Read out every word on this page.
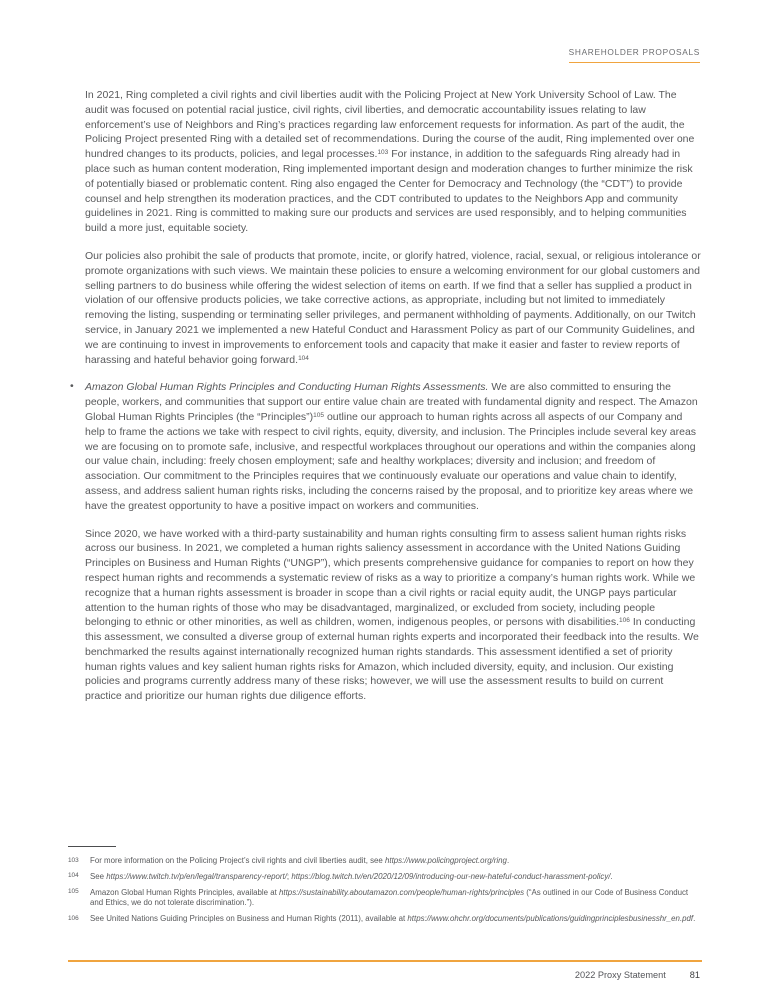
SHAREHOLDER PROPOSALS
In 2021, Ring completed a civil rights and civil liberties audit with the Policing Project at New York University School of Law. The audit was focused on potential racial justice, civil rights, civil liberties, and democratic accountability issues relating to law enforcement’s use of Neighbors and Ring’s practices regarding law enforcement requests for information. As part of the audit, the Policing Project presented Ring with a detailed set of recommendations. During the course of the audit, Ring implemented over one hundred changes to its products, policies, and legal processes.$^{103}$ For instance, in addition to the safeguards Ring already had in place such as human content moderation, Ring implemented important design and moderation changes to further minimize the risk of potentially biased or problematic content. Ring also engaged the Center for Democracy and Technology (the “CDT”) to provide counsel and help strengthen its moderation practices, and the CDT contributed to updates to the Neighbors App and community guidelines in 2021. Ring is committed to making sure our products and services are used responsibly, and to helping communities build a more just, equitable society.
Our policies also prohibit the sale of products that promote, incite, or glorify hatred, violence, racial, sexual, or religious intolerance or promote organizations with such views. We maintain these policies to ensure a welcoming environment for our global customers and selling partners to do business while offering the widest selection of items on earth. If we find that a seller has supplied a product in violation of our offensive products policies, we take corrective actions, as appropriate, including but not limited to immediately removing the listing, suspending or terminating seller privileges, and permanent withholding of payments. Additionally, on our Twitch service, in January 2021 we implemented a new Hateful Conduct and Harassment Policy as part of our Community Guidelines, and we are continuing to invest in improvements to enforcement tools and capacity that make it easier and faster to review reports of harassing and hateful behavior going forward.$^{104}$
• Amazon Global Human Rights Principles and Conducting Human Rights Assessments. We are also committed to ensuring the people, workers, and communities that support our entire value chain are treated with fundamental dignity and respect. The Amazon Global Human Rights Principles (the “Principles”)$^{105}$ outline our approach to human rights across all aspects of our Company and help to frame the actions we take with respect to civil rights, equity, diversity, and inclusion. The Principles include several key areas we are focusing on to promote safe, inclusive, and respectful workplaces throughout our operations and within the companies along our value chain, including: freely chosen employment; safe and healthy workplaces; diversity and inclusion; and freedom of association. Our commitment to the Principles requires that we continuously evaluate our operations and value chain to identify, assess, and address salient human rights risks, including the concerns raised by the proposal, and to prioritize key areas where we have the greatest opportunity to have a positive impact on workers and communities.
Since 2020, we have worked with a third-party sustainability and human rights consulting firm to assess salient human rights risks across our business. In 2021, we completed a human rights saliency assessment in accordance with the United Nations Guiding Principles on Business and Human Rights (“UNGP”), which presents comprehensive guidance for companies to report on how they respect human rights and recommends a systematic review of risks as a way to prioritize a company’s human rights work. While we recognize that a human rights assessment is broader in scope than a civil rights or racial equity audit, the UNGP pays particular attention to the human rights of those who may be disadvantaged, marginalized, or excluded from society, including people belonging to ethnic or other minorities, as well as children, women, indigenous peoples, or persons with disabilities.$^{106}$ In conducting this assessment, we consulted a diverse group of external human rights experts and incorporated their feedback into the results. We benchmarked the results against internationally recognized human rights standards. This assessment identified a set of priority human rights values and key salient human rights risks for Amazon, which included diversity, equity, and inclusion. Our existing policies and programs currently address many of these risks; however, we will use the assessment results to build on current practice and prioritize our human rights due diligence efforts.
103	For more information on the Policing Project’s civil rights and civil liberties audit, see https://www.policingproject.org/ring.
104	See https://www.twitch.tv/p/en/legal/transparency-report/; https://blog.twitch.tv/en/2020/12/09/introducing-our-new-hateful-conduct-harassment-policy/.
105	Amazon Global Human Rights Principles, available at https://sustainability.aboutamazon.com/people/human-rights/principles (“As outlined in our Code of Business Conduct and Ethics, we do not tolerate discrimination.”).
106	See United Nations Guiding Principles on Business and Human Rights (2011), available at https://www.ohchr.org/documents/publications/guidingprinciplesbusinesshr_en.pdf.
2022 Proxy Statement	81
